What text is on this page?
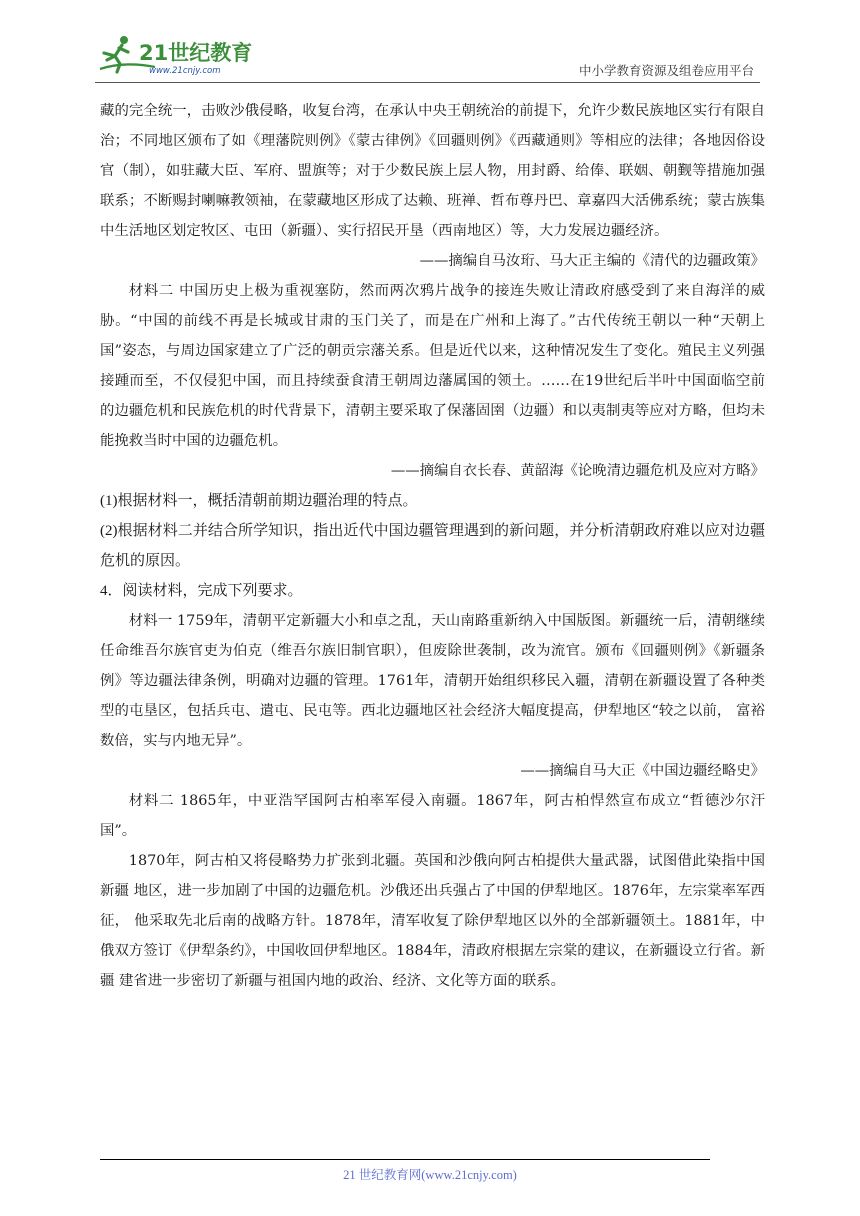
21世纪教育
www.21cnjy.com	中小学教育资源及组卷应用平台

藏的完全统一，击败沙俄侵略，收复台湾，在承认中央王朝统治的前提下，允许少数民族地区实行有限自治；不同地区颁布了如《理藩院则例》《蒙古律例》《回疆则例》《西藏通则》等相应的法律；各地因俗设官（制），如驻藏大臣、军府、盟旗等；对于少数民族上层人物，用封爵、给俸、联姻、朝觐等措施加强联系；不断赐封喇嘛教领袖，在蒙藏地区形成了达赖、班禅、哲布尊丹巴、章嘉四大活佛系统；蒙古族集中生活地区划定牧区、屯田（新疆）、实行招民开垦（西南地区）等，大力发展边疆经济。

——摘编自马汝珩、马大正主编的《清代的边疆政策》

材料二 中国历史上极为重视塞防，然而两次鸦片战争的接连失败让清政府感受到了来自海洋的威胁。“中国的前线不再是长城或甘肃的玉门关了，而是在广州和上海了。”古代传统王朝以一种“天朝上国”姿态，与周边国家建立了广泛的朝贡宗藩关系。但是近代以来，这种情况发生了变化。殖民主义列强接踵而至，不仅侵犯中国，而且持续蚕食清王朝周边藩属国的领土。……在19世纪后半叶中国面临空前的边疆危机和民族危机的时代背景下，清朝主要采取了保藩固圉（边疆）和以夷制夷等应对方略，但均未能挽救当时中国的边疆危机。

——摘编自衣长春、黄韶海《论晚清边疆危机及应对方略》

(1)根据材料一，概括清朝前期边疆治理的特点。

(2)根据材料二并结合所学知识，指出近代中国边疆管理遇到的新问题，并分析清朝政府难以应对边疆危机的原因。

4．阅读材料，完成下列要求。

材料一 1759年，清朝平定新疆大小和卓之乱，天山南路重新纳入中国版图。新疆统一后，清朝继续任命维吾尔族官吏为伯克（维吾尔族旧制官职），但废除世袭制，改为流官。颁布《回疆则例》《新疆条例》等边疆法律条例，明确对边疆的管理。1761年，清朝开始组织移民入疆，清朝在新疆设置了各种类型的屯垦区，包括兵屯、遣屯、民屯等。西北边疆地区社会经济大幅度提高，伊犁地区“较之以前， 富裕数倍，实与内地无异”。

——摘编自马大正《中国边疆经略史》

材料二 1865年，中亚浩罕国阿古柏率军侵入南疆。1867年，阿古柏悍然宣布成立“哲德沙尔汗国”。

1870年，阿古柏又将侵略势力扩张到北疆。英国和沙俄向阿古柏提供大量武器，试图借此染指中国新疆 地区，进一步加剧了中国的边疆危机。沙俄还出兵强占了中国的伊犁地区。1876年，左宗棠率军西征， 他采取先北后南的战略方针。1878年，清军收复了除伊犁地区以外的全部新疆领土。1881年，中俄双方签订《伊犁条约》，中国收回伊犁地区。1884年，清政府根据左宗棠的建议，在新疆设立行省。新疆 建省进一步密切了新疆与祖国内地的政治、经济、文化等方面的联系。

21 世纪教育网(www.21cnjy.com)
